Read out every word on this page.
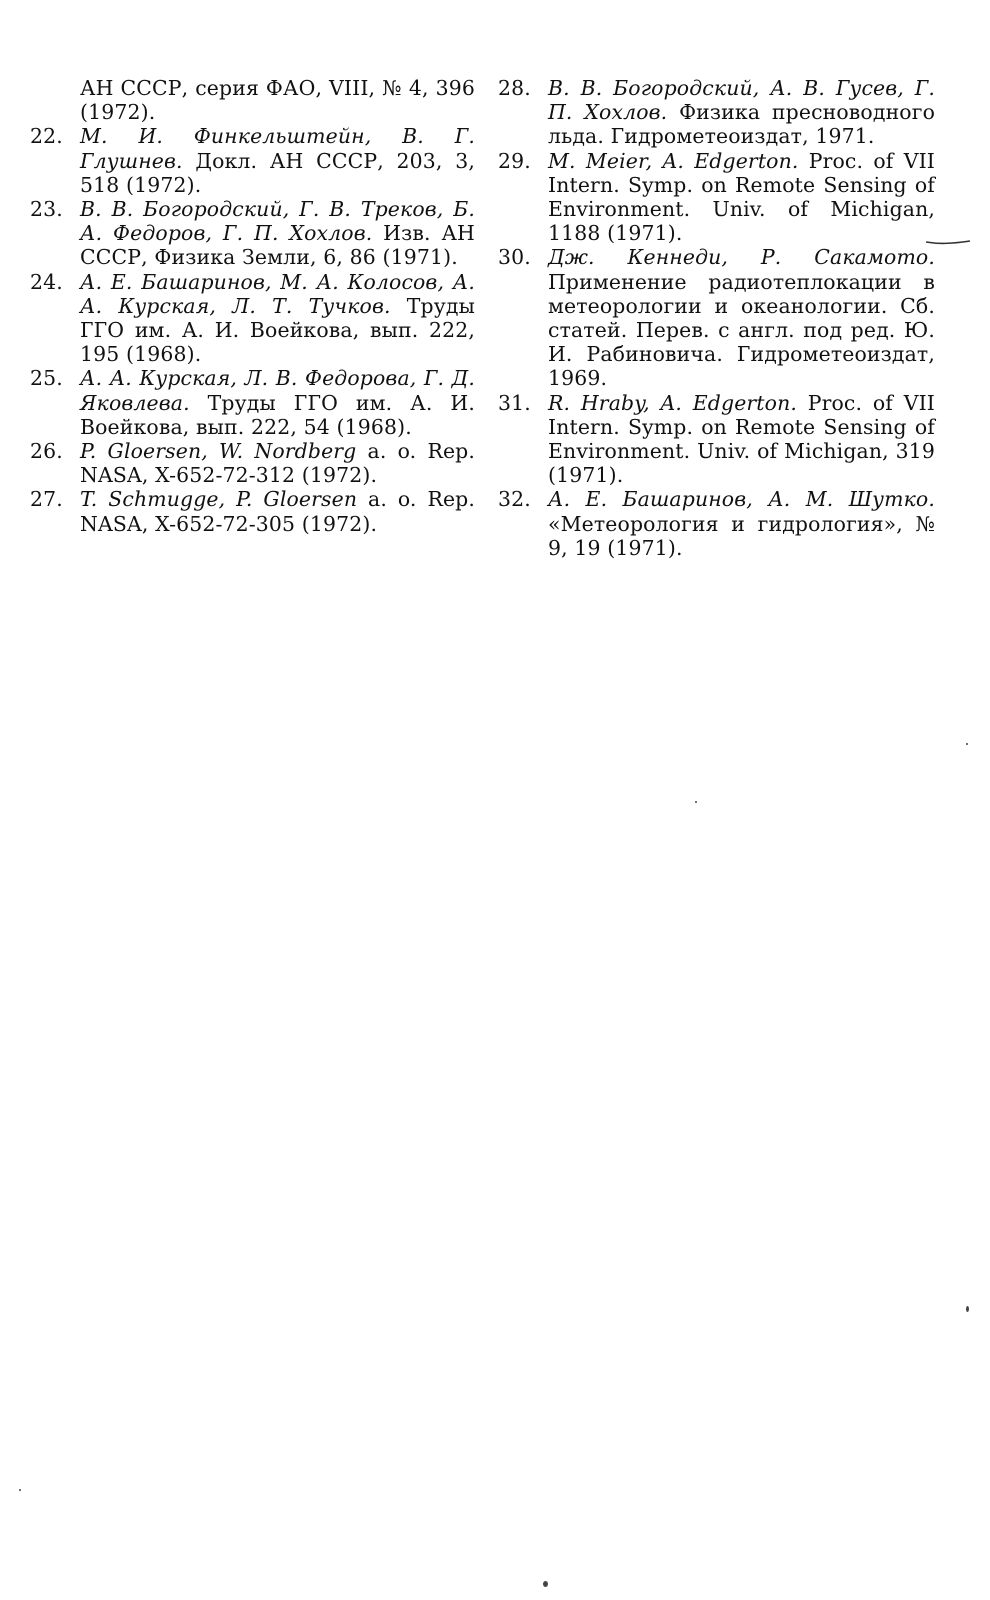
АН СССР, серия ФАО, VIII, № 4, 396 (1972).
22. М. И. Финкельштейн, В. Г. Глушнев. Докл. АН СССР, 203, 3, 518 (1972).
23. В. В. Богородский, Г. В. Треков, Б. А. Федоров, Г. П. Хохлов. Изв. АН СССР, Физика Земли, 6, 86 (1971).
24. А. Е. Башаринов, М. А. Колосов, А. А. Курская, Л. Т. Тучков. Труды ГГО им. А. И. Воейкова, вып. 222, 195 (1968).
25. А. А. Курская, Л. В. Федорова, Г. Д. Яковлева. Труды ГГО им. А. И. Воейкова, вып. 222, 54 (1968).
26. P. Gloersen, W. Nordberg a. o. Rep. NASA, X-652-72-312 (1972).
27. T. Schmugge, P. Gloersen a. o. Rep. NASA, X-652-72-305 (1972).
28. В. В. Богородский, А. В. Гусев, Г. П. Хохлов. Физика пресноводного льда. Гидрометеоиздат, 1971.
29. M. Meier, A. Edgerton. Proc. of VII Intern. Symp. on Remote Sensing of Environment. Univ. of Michigan, 1188 (1971).
30. Дж. Кеннеди, Р. Сакамото. Применение радиотеплокации в метеорологии и океанологии. Сб. статей. Перев. с англ. под ред. Ю. И. Рабиновича. Гидрометеоиздат, 1969.
31. R. Hraby, A. Edgerton. Proc. of VII Intern. Symp. on Remote Sensing of Environment. Univ. of Michigan, 319 (1971).
32. А. Е. Башаринов, А. М. Шутко. «Метеорология и гидрология», № 9, 19 (1971).
